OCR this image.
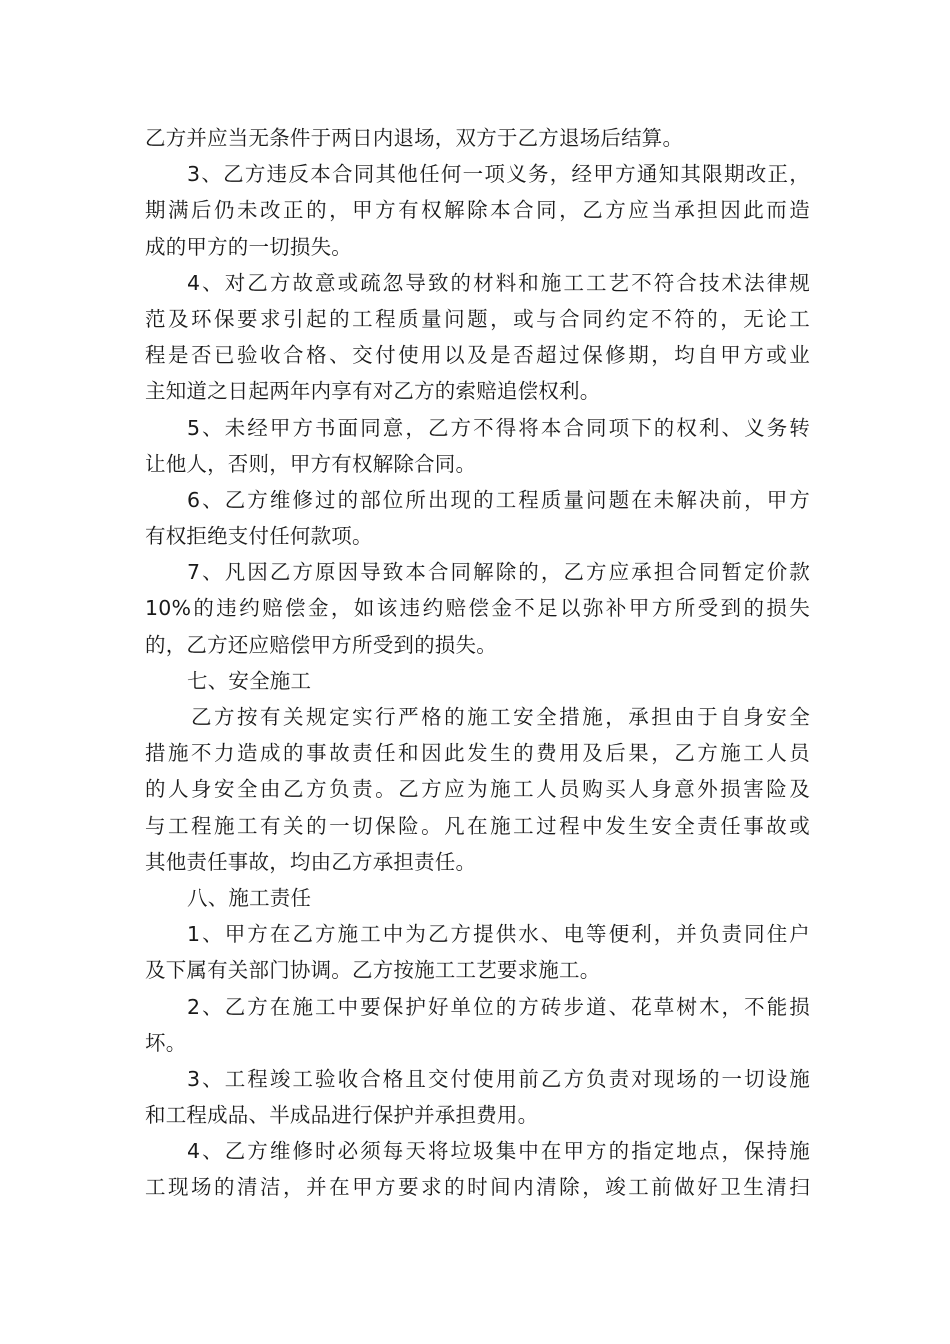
乙方并应当无条件于两日内退场，双方于乙方退场后结算。
3、乙方违反本合同其他任何一项义务，经甲方通知其限期改正，
期满后仍未改正的，甲方有权解除本合同，乙方应当承担因此而造
成的甲方的一切损失。
4、对乙方故意或疏忽导致的材料和施工工艺不符合技术法律规
范及环保要求引起的工程质量问题，或与合同约定不符的，无论工
程是否已验收合格、交付使用以及是否超过保修期，均自甲方或业
主知道之日起两年内享有对乙方的索赔追偿权利。
5、未经甲方书面同意，乙方不得将本合同项下的权利、义务转
让他人，否则，甲方有权解除合同。
6、乙方维修过的部位所出现的工程质量问题在未解决前，甲方
有权拒绝支付任何款项。
7、凡因乙方原因导致本合同解除的，乙方应承担合同暂定价款
10%的违约赔偿金，如该违约赔偿金不足以弥补甲方所受到的损失
的，乙方还应赔偿甲方所受到的损失。
七、安全施工
乙方按有关规定实行严格的施工安全措施，承担由于自身安全
措施不力造成的事故责任和因此发生的费用及后果，乙方施工人员
的人身安全由乙方负责。乙方应为施工人员购买人身意外损害险及
与工程施工有关的一切保险。凡在施工过程中发生安全责任事故或
其他责任事故，均由乙方承担责任。
八、施工责任
1、甲方在乙方施工中为乙方提供水、电等便利，并负责同住户
及下属有关部门协调。乙方按施工工艺要求施工。
2、乙方在施工中要保护好单位的方砖步道、花草树木，不能损
坏。
3、工程竣工验收合格且交付使用前乙方负责对现场的一切设施
和工程成品、半成品进行保护并承担费用。
4、乙方维修时必须每天将垃圾集中在甲方的指定地点，保持施
工现场的清洁，并在甲方要求的时间内清除，竣工前做好卫生清扫
